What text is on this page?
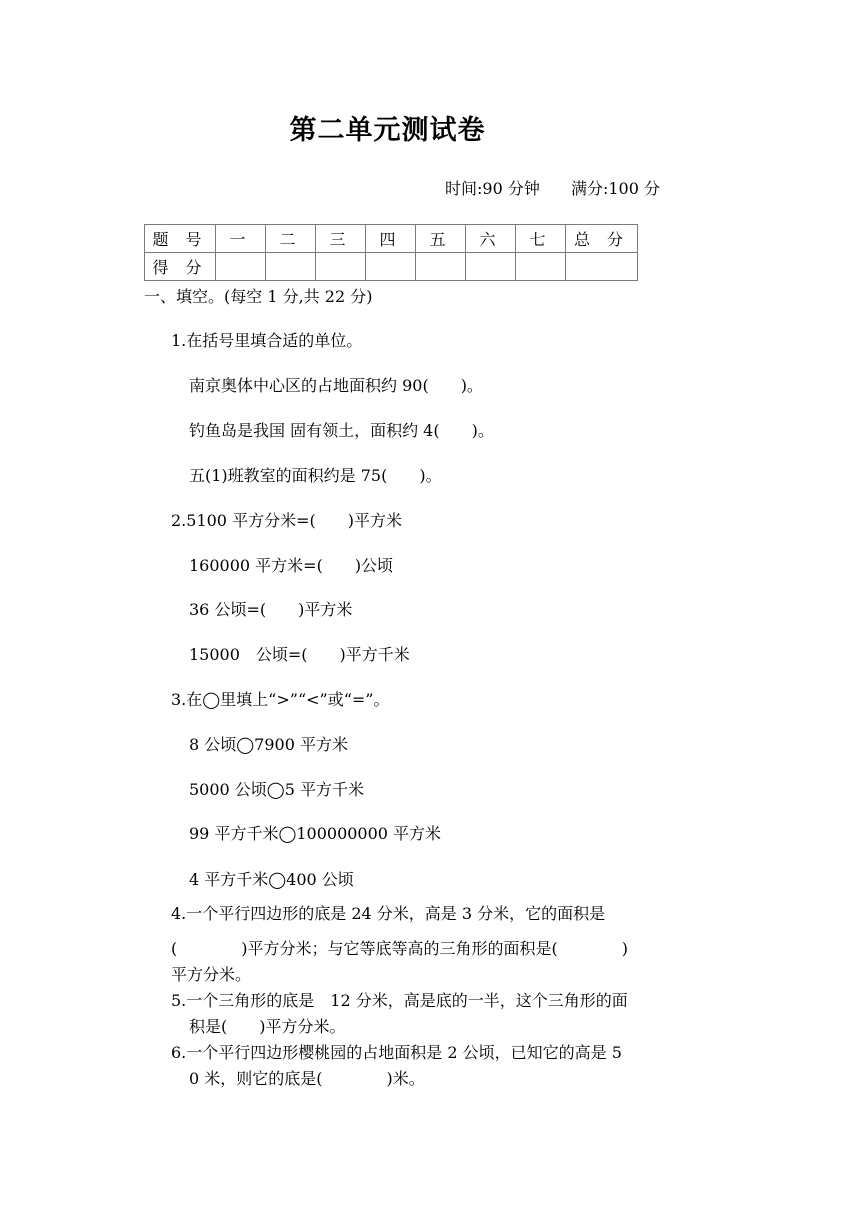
第二单元测试卷
时间:90 分钟 满分:100 分
题 号	一	二	三	四	五	六	七	总 分
得 分								
一、填空。(每空 1 分,共 22 分)
1.在括号里填合适的单位。
南京奥体中心区的占地面积约 90(　　)。
钓鱼岛是我国 固有领土，面积约 4(　　)。
五(1)班教室的面积约是 75(　　)。
2.5100 平方分米=(　　)平方米
160000 平方米=(　　)公顷
36 公顷=(　　)平方米
15000　公顷=(　　)平方千米
3.在◯里填上“>”“<”或“=”。
8 公顷◯7900 平方米
5000 公顷◯5 平方千米
99 平方千米◯100000000 平方米
4 平方千米◯400 公顷
4.一个平行四边形的底是 24 分米，高是 3 分米，它的面积是
(　　　　)平方分米；与它等底等高的三角形的面积是(　　　　)
平方分米。
5.一个三角形的底是　12 分米，高是底的一半，这个三角形的面
积是(　　)平方分米。
6.一个平行四边形樱桃园的占地面积是 2 公顷，已知它的高是 5
0 米，则它的底是(　　　　)米。
